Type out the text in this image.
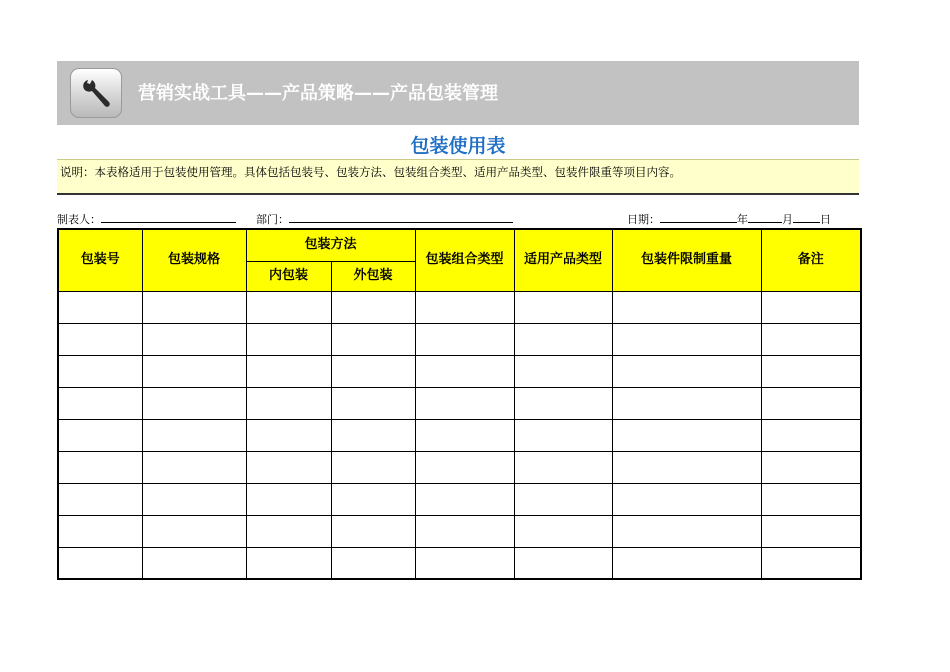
营销实战工具——产品策略——产品包装管理
包装使用表
说明：本表格适用于包装使用管理。具体包括包装号、包装方法、包装组合类型、适用产品类型、包装件限重等项目内容。
制表人：	部门：	日期：	年	月 日
包装号	包装规格	包装方法		包装组合类型	适用产品类型	包装件限制重量	备注
		内包装	外包装				
